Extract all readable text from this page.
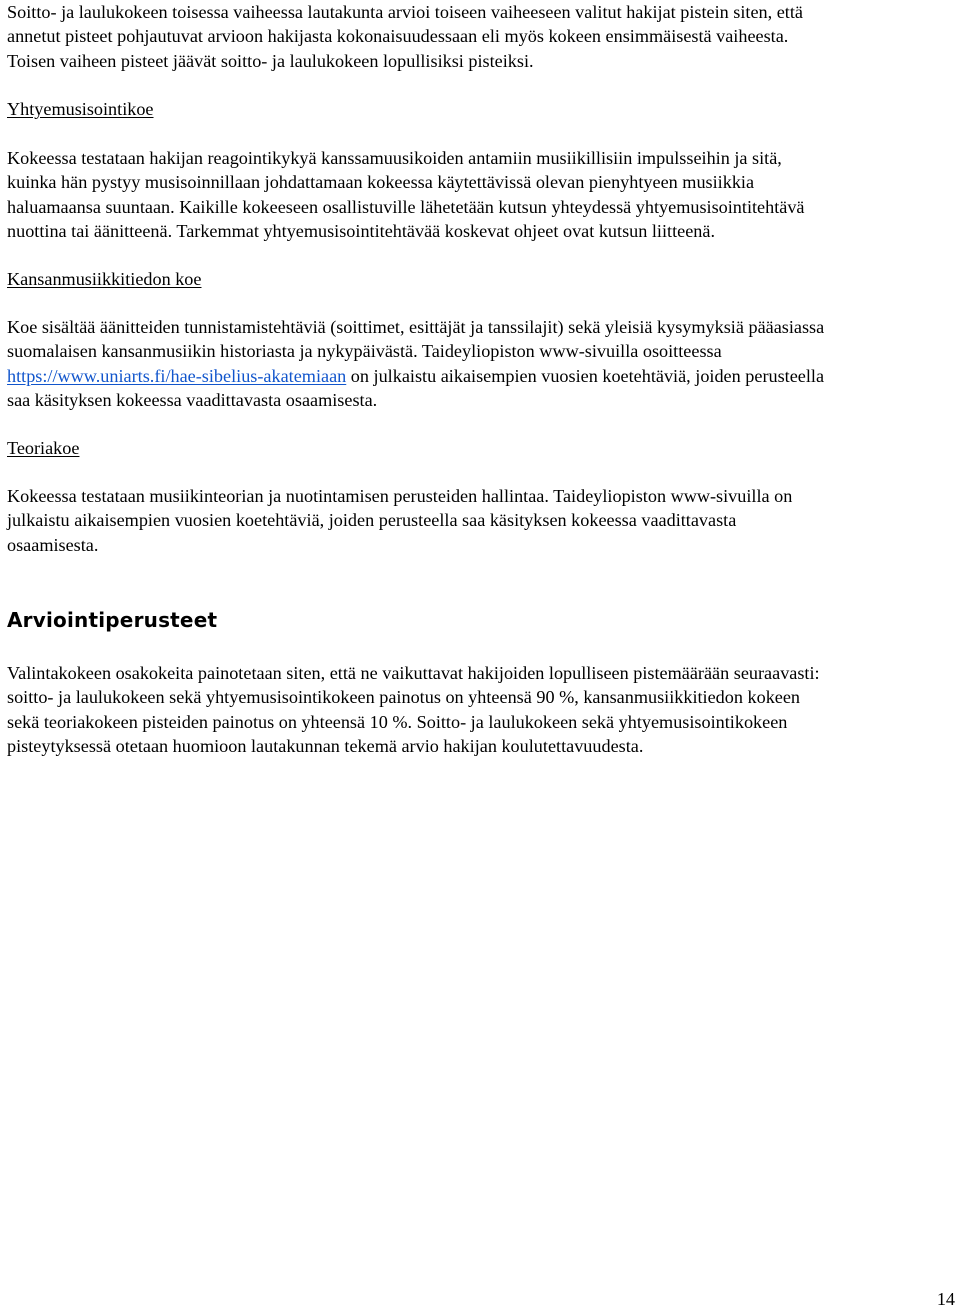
Soitto- ja laulukokeen toisessa vaiheessa lautakunta arvioi toiseen vaiheeseen valitut hakijat pistein siten, että

annetut pisteet pohjautuvat arvioon hakijasta kokonaisuudessaan eli myös kokeen ensimmäisestä vaiheesta.

Toisen vaiheen pisteet jäävät soitto- ja laulukokeen lopullisiksi pisteiksi.

Yhtyemusisointikoe

Kokeessa testataan hakijan reagointikykyä kanssamuusikoiden antamiin musiikillisiin impulsseihin ja sitä,

kuinka hän pystyy musisoinnillaan johdattamaan kokeessa käytettävissä olevan pienyhtyeen musiikkia

haluamaansa suuntaan. Kaikille kokeeseen osallistuville lähetetään kutsun yhteydessä yhtyemusisointitehtävä

nuottina tai äänitteenä. Tarkemmat yhtyemusisointitehtävää koskevat ohjeet ovat kutsun liitteenä.

Kansanmusiikkitiedon koe

Koe sisältää äänitteiden tunnistamistehtäviä (soittimet, esittäjät ja tanssilajit) sekä yleisiä kysymyksiä pääasiassa

suomalaisen kansanmusiikin historiasta ja nykypäivästä. Taideyliopiston www-sivuilla osoitteessa

https://www.uniarts.fi/hae-sibelius-akatemiaan on julkaistu aikaisempien vuosien koetehtäviä, joiden perusteella

saa käsityksen kokeessa vaadittavasta osaamisesta.

Teoriakoe

Kokeessa testataan musiikinteorian ja nuotintamisen perusteiden hallintaa. Taideyliopiston www-sivuilla on

julkaistu aikaisempien vuosien koetehtäviä, joiden perusteella saa käsityksen kokeessa vaadittavasta

osaamisesta.

Arviointiperusteet

Valintakokeen osakokeita painotetaan siten, että ne vaikuttavat hakijoiden lopulliseen pistemäärään seuraavasti:

soitto- ja laulukokeen sekä yhtyemusisointikokeen painotus on yhteensä 90 %, kansanmusiikkitiedon kokeen

sekä teoriakokeen pisteiden painotus on yhteensä 10 %. Soitto- ja laulukokeen sekä yhtyemusisointikokeen

pisteytyksessä otetaan huomioon lautakunnan tekemä arvio hakijan koulutettavuudesta.

14
